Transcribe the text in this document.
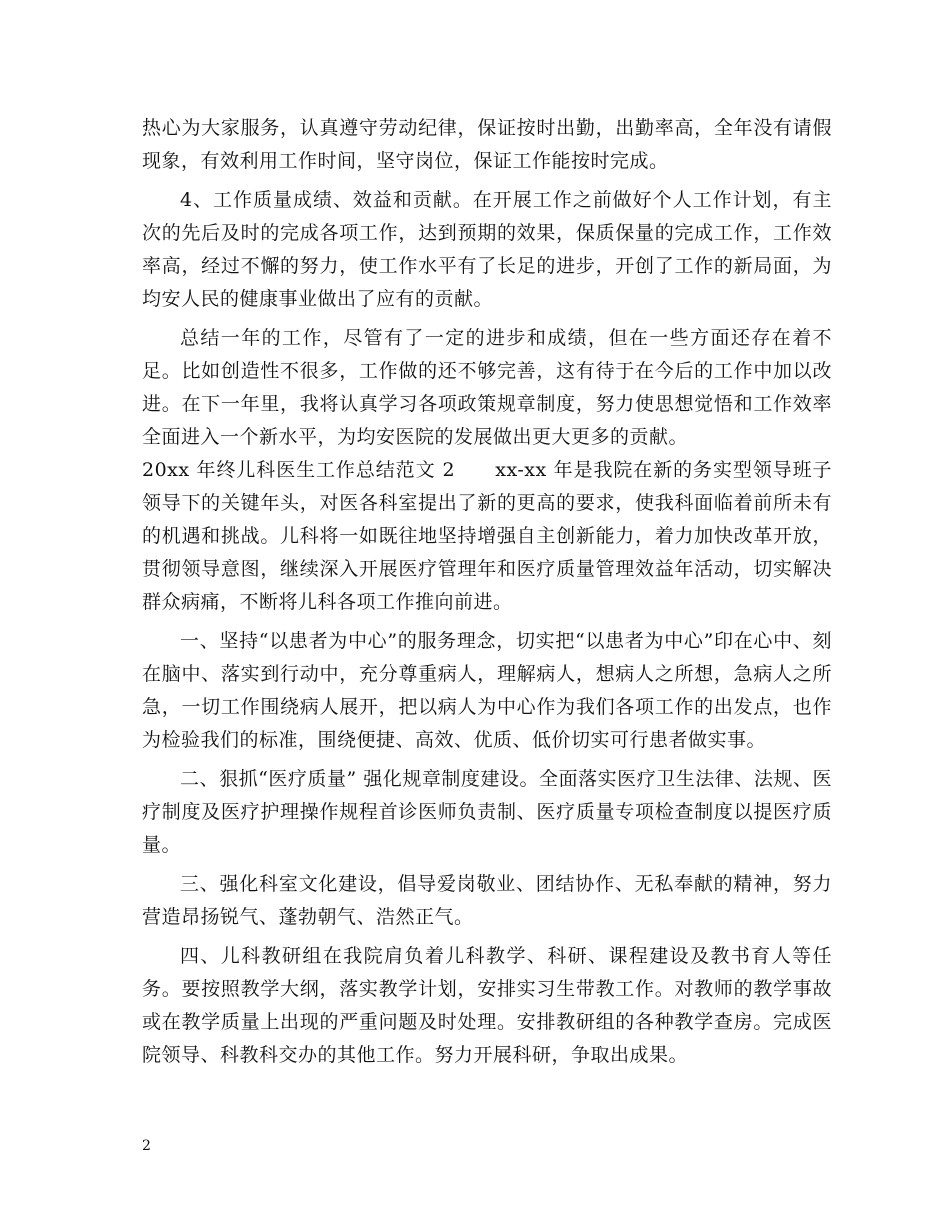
热心为大家服务，认真遵守劳动纪律，保证按时出勤，出勤率高，全年没有请假现象，有效利用工作时间，坚守岗位，保证工作能按时完成。

4、工作质量成绩、效益和贡献。在开展工作之前做好个人工作计划，有主次的先后及时的完成各项工作，达到预期的效果，保质保量的完成工作，工作效率高，经过不懈的努力，使工作水平有了长足的进步，开创了工作的新局面，为均安人民的健康事业做出了应有的贡献。

总结一年的工作，尽管有了一定的进步和成绩，但在一些方面还存在着不足。比如创造性不很多，工作做的还不够完善，这有待于在今后的工作中加以改进。在下一年里，我将认真学习各项政策规章制度，努力使思想觉悟和工作效率全面进入一个新水平，为均安医院的发展做出更大更多的贡献。

20xx 年终儿科医生工作总结范文 2　　xx-xx 年是我院在新的务实型领导班子领导下的关键年头，对医各科室提出了新的更高的要求，使我科面临着前所未有的机遇和挑战。儿科将一如既往地坚持增强自主创新能力，着力加快改革开放，贯彻领导意图，继续深入开展医疗管理年和医疗质量管理效益年活动，切实解决群众病痛，不断将儿科各项工作推向前进。

一、坚持“以患者为中心”的服务理念，切实把“以患者为中心”印在心中、刻在脑中、落实到行动中，充分尊重病人，理解病人，想病人之所想，急病人之所急，一切工作围绕病人展开，把以病人为中心作为我们各项工作的出发点，也作为检验我们的标准，围绕便捷、高效、优质、低价切实可行患者做实事。

二、狠抓“医疗质量” 强化规章制度建设。全面落实医疗卫生法律、法规、医疗制度及医疗护理操作规程首诊医师负责制、医疗质量专项检查制度以提医疗质量。

三、强化科室文化建设，倡导爱岗敬业、团结协作、无私奉献的精神，努力营造昂扬锐气、蓬勃朝气、浩然正气。

四、儿科教研组在我院肩负着儿科教学、科研、课程建设及教书育人等任务。要按照教学大纲，落实教学计划，安排实习生带教工作。对教师的教学事故或在教学质量上出现的严重问题及时处理。安排教研组的各种教学查房。完成医院领导、科教科交办的其他工作。努力开展科研，争取出成果。

2
